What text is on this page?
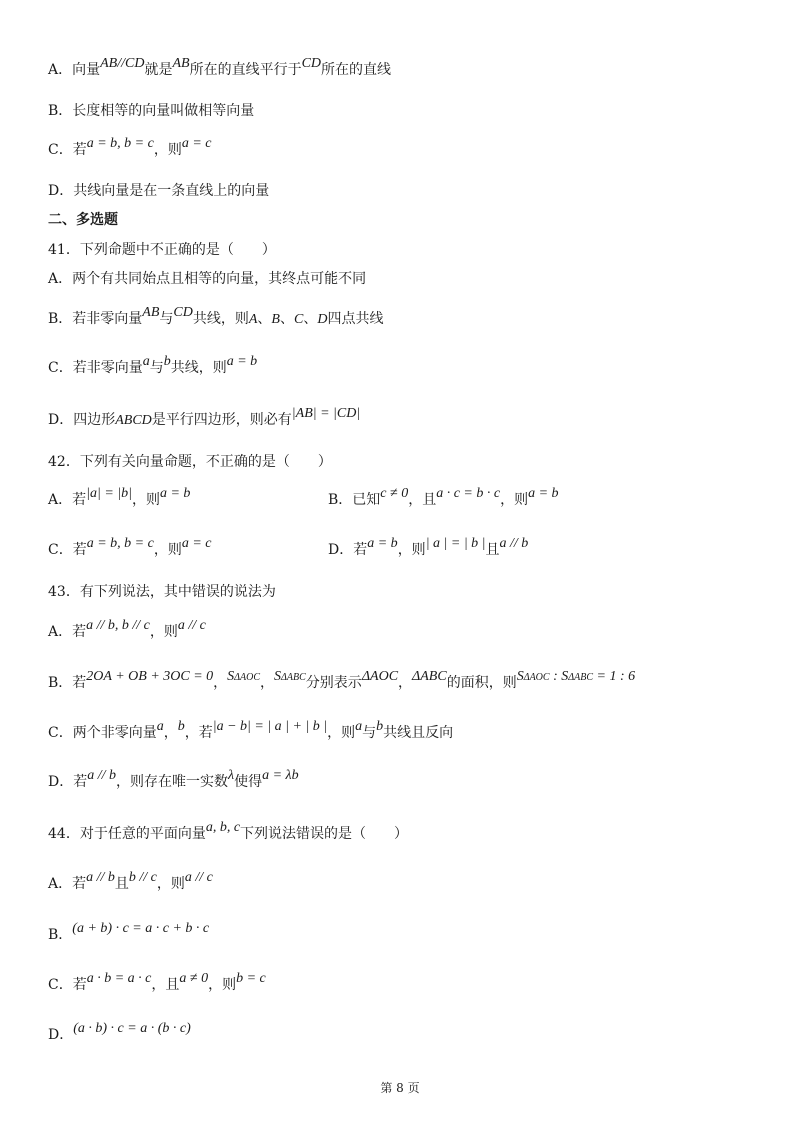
A．向量AB//CD就是AB所在的直线平行于CD所在的直线
B．长度相等的向量叫做相等向量
C．若a = b, b = c，则a = c
D．共线向量是在一条直线上的向量
二、多选题
41．下列命题中不正确的是（　　）
A．两个有共同始点且相等的向量，其终点可能不同
B．若非零向量AB与CD共线，则A、B、C、D四点共线
C．若非零向量a与b共线，则a = b
D．四边形ABCD是平行四边形，则必有|AB| = |CD|
42．下列有关向量命题，不正确的是（　　）
A．若|a| = |b|，则a = b	B．已知c ≠ 0，且a · c = b · c，则a = b
C．若a = b, b = c，则a = c	D．若a = b，则| a | = | b |且a // b
43．有下列说法，其中错误的说法为
A．若a // b, b // c，则a // c
B．若2OA + OB + 3OC = 0，$S^{\Delta AOC}$，$S^{\Delta ABC}$分别表示ΔAOC，ΔABC的面积，则$S^{\Delta AOC}$ : $S^{\Delta ABC} = 1$ : 6
C．两个非零向量a，b，若|a − b| = | a | + | b |，则a与b共线且反向
D．若a // b，则存在唯一实数λ使得a = λb
44．对于任意的平面向量a, b, c下列说法错误的是（　　）
A．若a // b且b // c，则a // c
B．(a + b) · c = a · c + b · c
C．若a · b = a · c，且a ≠ 0，则b = c
D．(a · b) · c = a · (b · c)
第 8 页
